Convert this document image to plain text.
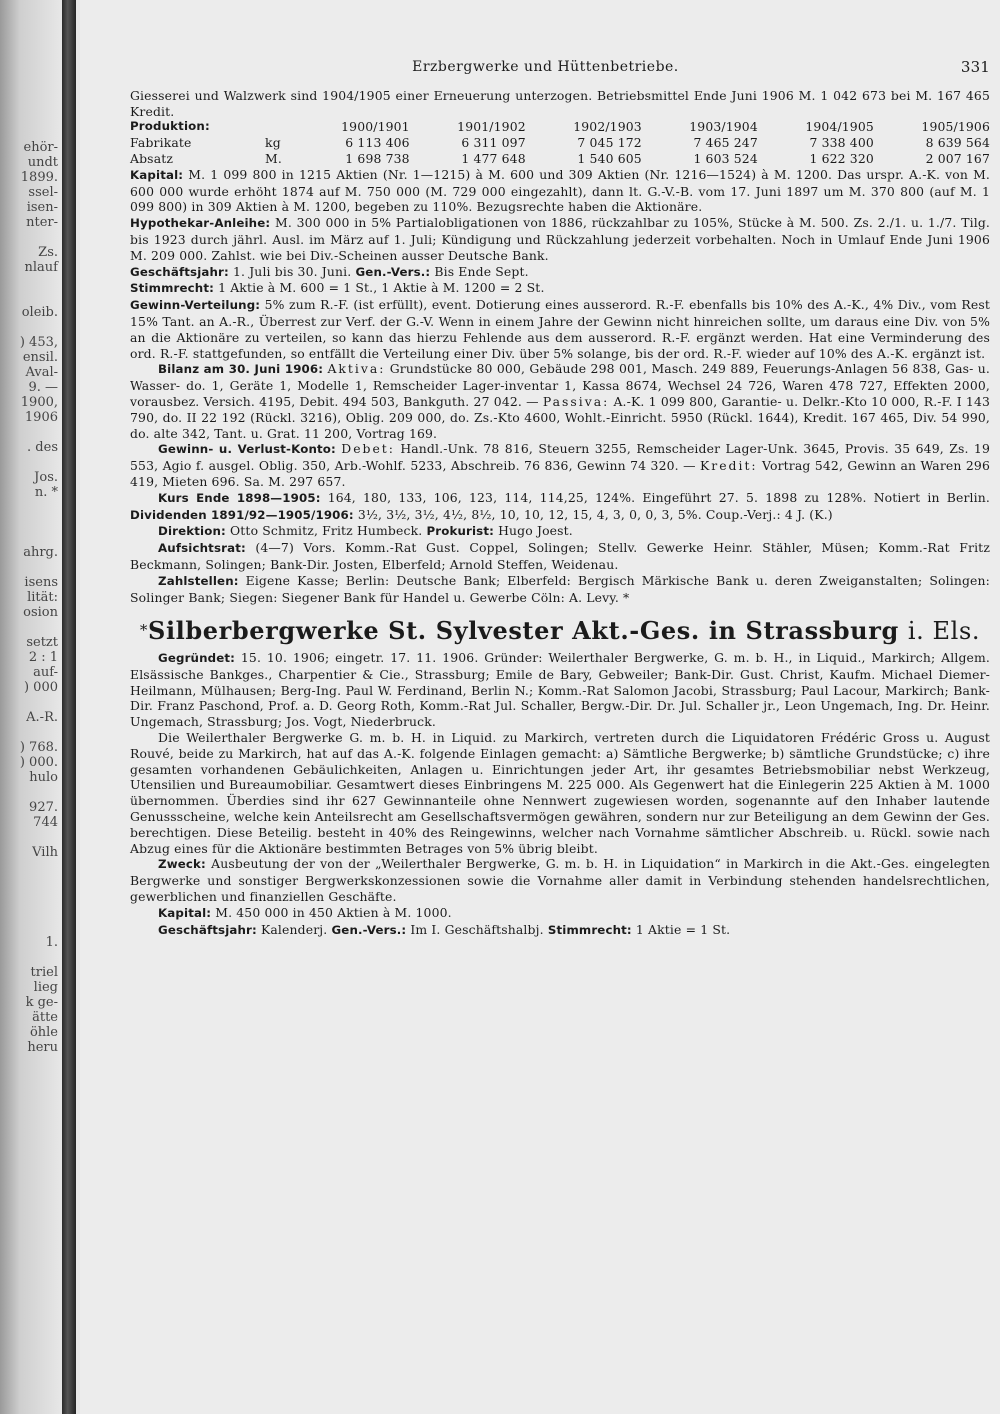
ehör-
undt
1899.
ssel-
isen-
nter-
Zs.
nlauf
oleib.
) 453,
ensil.
Aval-
9. —
1900,
1906
. des
Jos.
n. *
ahrg.
isens
lität:
osion
setzt
2 : 1
auf-
) 000
A.-R.
) 768.
) 000.
hulo
927.
744
Vilh
1.
triel
lieg
k ge-
ätte
öhle
heru
Erzbergwerke und Hüttenbetriebe.	331

Giesserei und Walzwerk sind 1904/1905 einer Erneuerung unterzogen. Betriebsmittel Ende Juni 1906 M. 1 042 673 bei M. 167 465 Kredit.

Produktion:		1900/1901	1901/1902	1902/1903	1903/1904	1904/1905	1905/1906
Fabrikate	kg	6 113 406	6 311 097	7 045 172	7 465 247	7 338 400	8 639 564
Absatz	M.	1 698 738	1 477 648	1 540 605	1 603 524	1 622 320	2 007 167

Kapital: M. 1 099 800 in 1215 Aktien (Nr. 1—1215) à M. 600 und 309 Aktien (Nr. 1216—1524) à M. 1200. Das urspr. A.-K. von M. 600 000 wurde erhöht 1874 auf M. 750 000 (M. 729 000 eingezahlt), dann lt. G.-V.-B. vom 17. Juni 1897 um M. 370 800 (auf M. 1 099 800) in 309 Aktien à M. 1200, begeben zu 110%. Bezugsrechte haben die Aktionäre.

Hypothekar-Anleihe: M. 300 000 in 5% Partialobligationen von 1886, rückzahlbar zu 105%, Stücke à M. 500. Zs. 2./1. u. 1./7. Tilg. bis 1923 durch jährl. Ausl. im März auf 1. Juli; Kündigung und Rückzahlung jederzeit vorbehalten. Noch in Umlauf Ende Juni 1906 M. 209 000. Zahlst. wie bei Div.-Scheinen ausser Deutsche Bank.

Geschäftsjahr: 1. Juli bis 30. Juni. Gen.-Vers.: Bis Ende Sept.

Stimmrecht: 1 Aktie à M. 600 = 1 St., 1 Aktie à M. 1200 = 2 St.

Gewinn-Verteilung: 5% zum R.-F. (ist erfüllt), event. Dotierung eines ausserord. R.-F. ebenfalls bis 10% des A.-K., 4% Div., vom Rest 15% Tant. an A.-R., Überrest zur Verf. der G.-V. Wenn in einem Jahre der Gewinn nicht hinreichen sollte, um daraus eine Div. von 5% an die Aktionäre zu verteilen, so kann das hierzu Fehlende aus dem ausserord. R.-F. ergänzt werden. Hat eine Verminderung des ord. R.-F. stattgefunden, so entfällt die Verteilung einer Div. über 5% solange, bis der ord. R.-F. wieder auf 10% des A.-K. ergänzt ist.

Bilanz am 30. Juni 1906: Aktiva: Grundstücke 80 000, Gebäude 298 001, Masch. 249 889, Feuerungs-Anlagen 56 838, Gas- u. Wasser- do. 1, Geräte 1, Modelle 1, Remscheider Lager-inventar 1, Kassa 8674, Wechsel 24 726, Waren 478 727, Effekten 2000, vorausbez. Versich. 4195, Debit. 494 503, Bankguth. 27 042. — Passiva: A.-K. 1 099 800, Garantie- u. Delkr.-Kto 10 000, R.-F. I 143 790, do. II 22 192 (Rückl. 3216), Oblig. 209 000, do. Zs.-Kto 4600, Wohlt.-Einricht. 5950 (Rückl. 1644), Kredit. 167 465, Div. 54 990, do. alte 342, Tant. u. Grat. 11 200, Vortrag 169.

Gewinn- u. Verlust-Konto: Debet: Handl.-Unk. 78 816, Steuern 3255, Remscheider Lager-Unk. 3645, Provis. 35 649, Zs. 19 553, Agio f. ausgel. Oblig. 350, Arb.-Wohlf. 5233, Abschreib. 76 836, Gewinn 74 320. — Kredit: Vortrag 542, Gewinn an Waren 296 419, Mieten 696. Sa. M. 297 657.

Kurs Ende 1898—1905: 164, 180, 133, 106, 123, 114, 114,25, 124%. Eingeführt 27. 5. 1898 zu 128%. Notiert in Berlin. Dividenden 1891/92—1905/1906: 3½, 3½, 3½, 4½, 8½, 10, 10, 12, 15, 4, 3, 0, 0, 3, 5%. Coup.-Verj.: 4 J. (K.)

Direktion: Otto Schmitz, Fritz Humbeck. Prokurist: Hugo Joest.

Aufsichtsrat: (4—7) Vors. Komm.-Rat Gust. Coppel, Solingen; Stellv. Gewerke Heinr. Stähler, Müsen; Komm.-Rat Fritz Beckmann, Solingen; Bank-Dir. Josten, Elberfeld; Arnold Steffen, Weidenau.

Zahlstellen: Eigene Kasse; Berlin: Deutsche Bank; Elberfeld: Bergisch Märkische Bank u. deren Zweiganstalten; Solingen: Solinger Bank; Siegen: Siegener Bank für Handel u. Gewerbe Cöln: A. Levy. *

*Silberbergwerke St. Sylvester Akt.-Ges. in Strassburg i. Els.

Gegründet: 15. 10. 1906; eingetr. 17. 11. 1906. Gründer: Weilerthaler Bergwerke, G. m. b. H., in Liquid., Markirch; Allgem. Elsässische Bankges., Charpentier & Cie., Strassburg; Emile de Bary, Gebweiler; Bank-Dir. Gust. Christ, Kaufm. Michael Diemer-Heilmann, Mülhausen; Berg-Ing. Paul W. Ferdinand, Berlin N.; Komm.-Rat Salomon Jacobi, Strassburg; Paul Lacour, Markirch; Bank-Dir. Franz Paschond, Prof. a. D. Georg Roth, Komm.-Rat Jul. Schaller, Bergw.-Dir. Dr. Jul. Schaller jr., Leon Ungemach, Ing. Dr. Heinr. Ungemach, Strassburg; Jos. Vogt, Niederbruck.

Die Weilerthaler Bergwerke G. m. b. H. in Liquid. zu Markirch, vertreten durch die Liquidatoren Frédéric Gross u. August Rouvé, beide zu Markirch, hat auf das A.-K. folgende Einlagen gemacht: a) Sämtliche Bergwerke; b) sämtliche Grundstücke; c) ihre gesamten vorhandenen Gebäulichkeiten, Anlagen u. Einrichtungen jeder Art, ihr gesamtes Betriebsmobiliar nebst Werkzeug, Utensilien und Bureaumobiliar. Gesamtwert dieses Einbringens M. 225 000. Als Gegenwert hat die Einlegerin 225 Aktien à M. 1000 übernommen. Überdies sind ihr 627 Gewinnanteile ohne Nennwert zugewiesen worden, sogenannte auf den Inhaber lautende Genussscheine, welche kein Anteilsrecht am Gesellschaftsvermögen gewähren, sondern nur zur Beteiligung an dem Gewinn der Ges. berechtigen. Diese Beteilig. besteht in 40% des Reingewinns, welcher nach Vornahme sämtlicher Abschreib. u. Rückl. sowie nach Abzug eines für die Aktionäre bestimmten Betrages von 5% übrig bleibt.

Zweck: Ausbeutung der von der „Weilerthaler Bergwerke, G. m. b. H. in Liquidation“ in Markirch in die Akt.-Ges. eingelegten Bergwerke und sonstiger Bergwerkskonzessionen sowie die Vornahme aller damit in Verbindung stehenden handelsrechtlichen, gewerblichen und finanziellen Geschäfte.

Kapital: M. 450 000 in 450 Aktien à M. 1000.

Geschäftsjahr: Kalenderj. Gen.-Vers.: Im I. Geschäftshalbj. Stimmrecht: 1 Aktie = 1 St.
